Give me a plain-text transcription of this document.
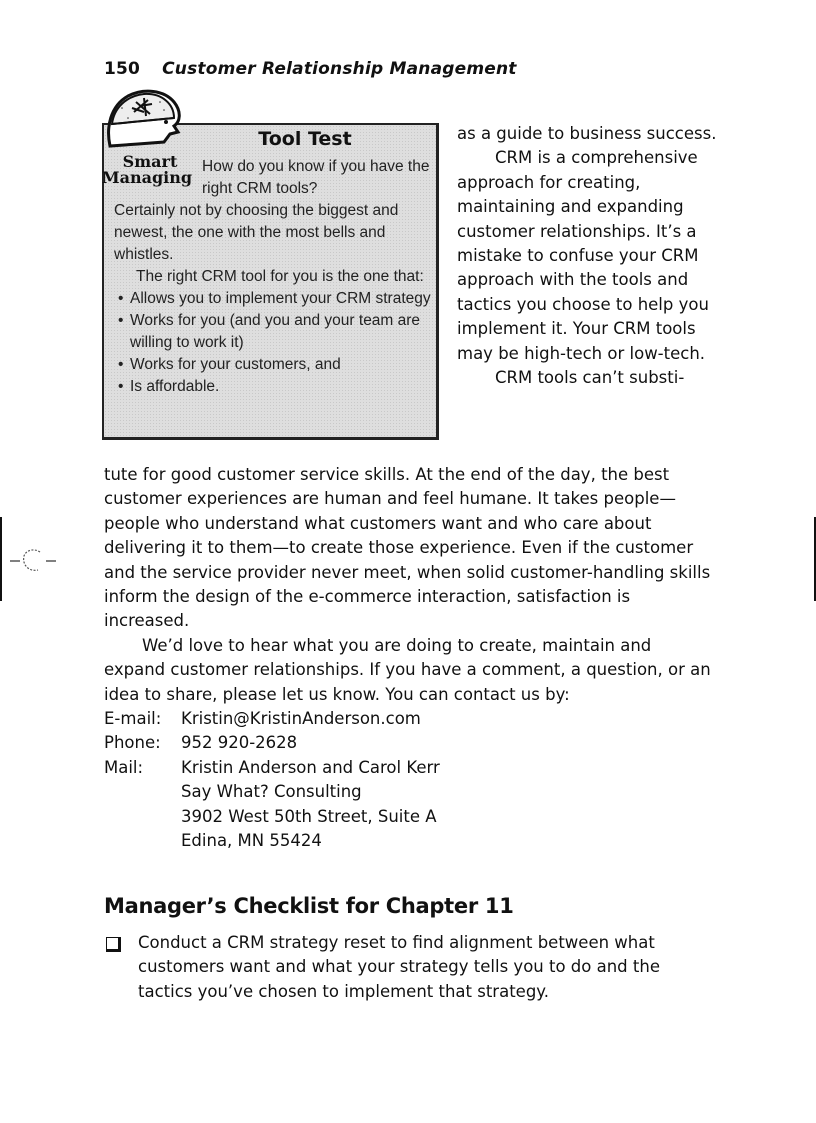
150 Customer Relationship Management
Smart
Managing
Tool Test
How do you know if you have the right CRM tools?

Certainly not by choosing the biggest and newest, the one with the most bells and whistles.

The right CRM tool for you is the one that:

• Allows you to implement your CRM strategy
• Works for you (and you and your team are willing to work it)
• Works for your customers, and
• Is affordable.

as a guide to business success.

CRM is a comprehensive approach for creating, maintaining and expanding customer relationships. It’s a mistake to confuse your CRM approach with the tools and tactics you choose to help you implement it. Your CRM tools may be high-tech or low-tech.

CRM tools can’t substi-

tute for good customer service skills. At the end of the day, the best customer experiences are human and feel humane. It takes people—people who understand what customers want and who care about delivering it to them—to create those experience. Even if the customer and the service provider never meet, when solid customer-handling skills inform the design of the e-commerce interaction, satisfaction is increased.

We’d love to hear what you are doing to create, maintain and expand customer relationships. If you have a comment, a question, or an idea to share, please let us know. You can contact us by:

E-mail:	Kristin@KristinAnderson.com
Phone:	952 920-2628
Mail:	Kristin Anderson and Carol Kerr
Say What? Consulting
3902 West 50th Street, Suite A
Edina, MN 55424
Manager’s Checklist for Chapter 11
Conduct a CRM strategy reset to find alignment between what customers want and what your strategy tells you to do and the tactics you’ve chosen to implement that strategy.
